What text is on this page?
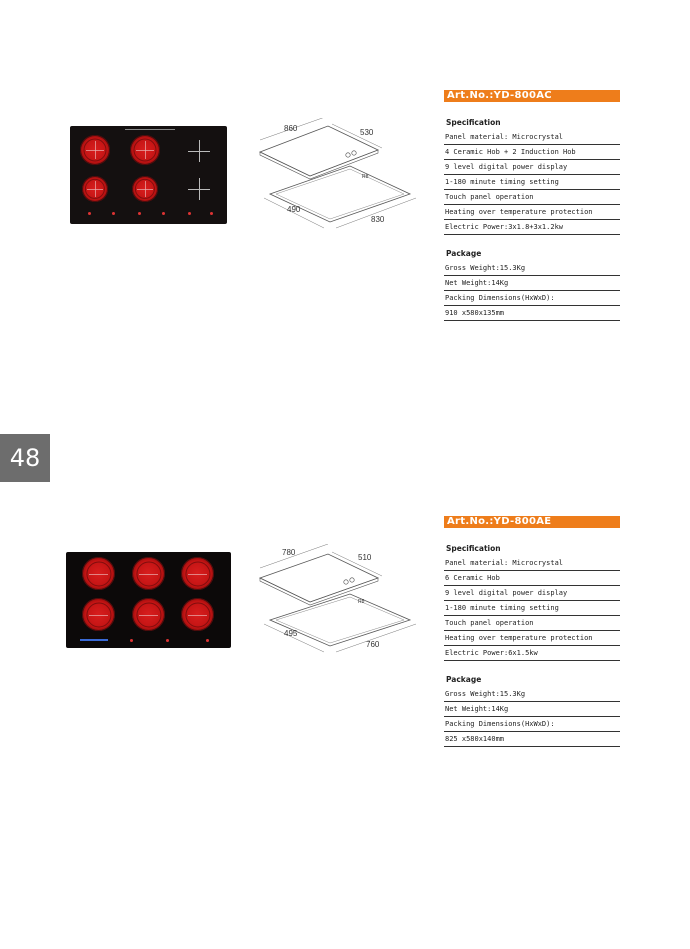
860	530
R8
490
830
Art.No.:YD-800AC
Specification
Panel material: Microcrystal
4 Ceramic Hob + 2 Induction Hob
9 level digital power display
1-180 minute timing setting
Touch panel operation
Heating over temperature protection
Electric Power:3x1.8+3x1.2kw
Package
Gross Weight:15.3Kg
Net Weight:14Kg
Packing Dimensions(HxWxD):
910 x580x135mm
48
780
510
R8
495
760
Art.No.:YD-800AE
Specification
Panel material: Microcrystal
6 Ceramic Hob
9 level digital power display
1-180 minute timing setting
Touch panel operation
Heating over temperature protection
Electric Power:6x1.5kw
Package
Gross Weight:15.3Kg
Net Weight:14Kg
Packing Dimensions(HxWxD):
825 x580x140mm
